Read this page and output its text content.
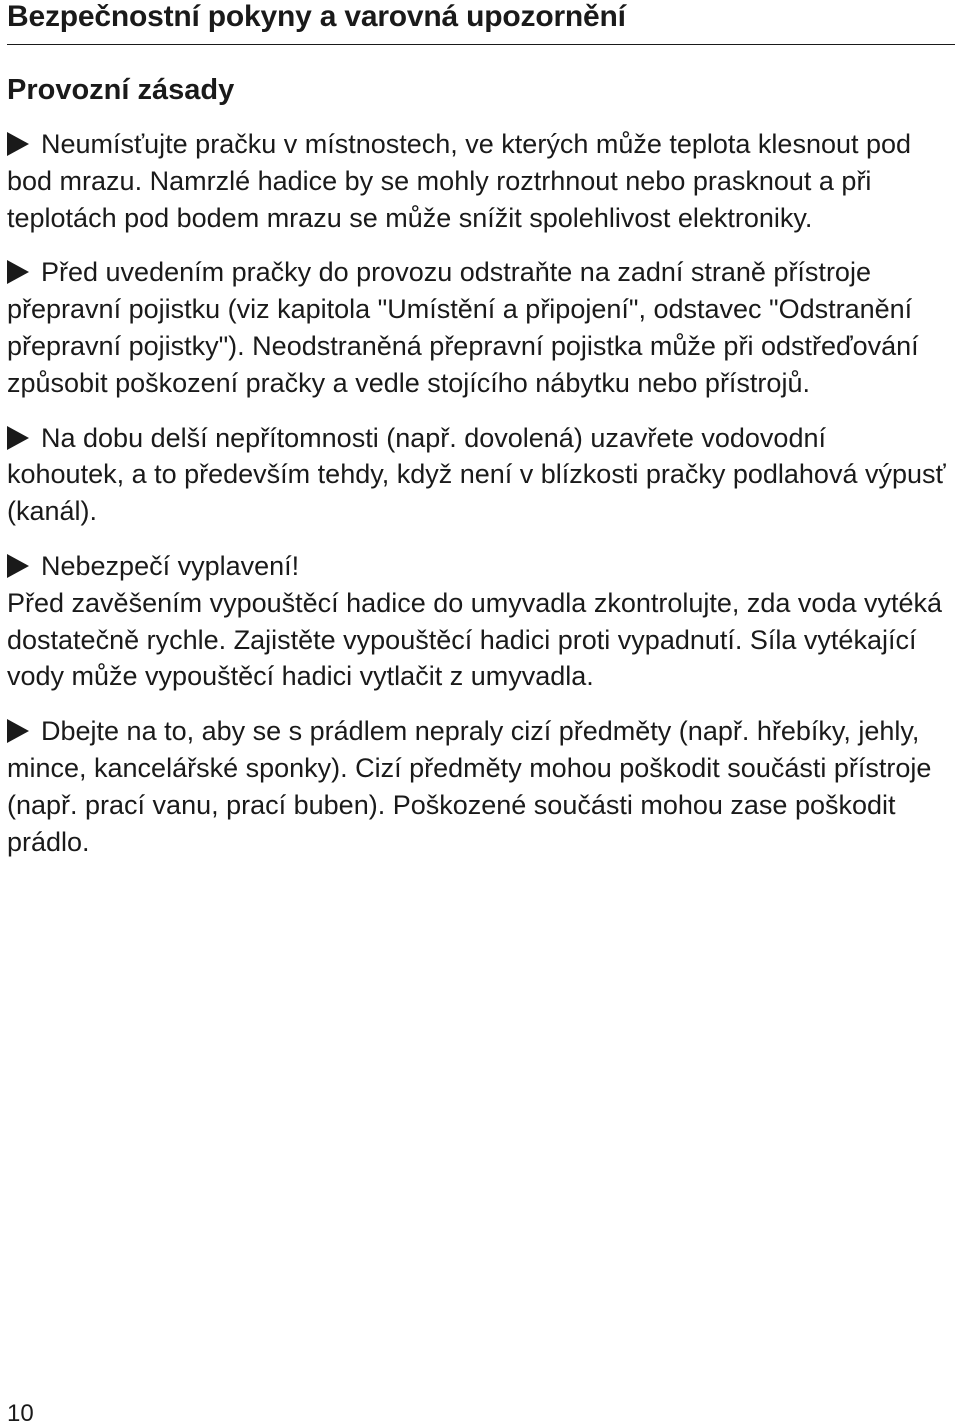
Bezpečnostní pokyny a varovná upozornění
Provozní zásady
Neumísťujte pračku v místnostech, ve kterých může teplota klesnout pod bod mrazu. Namrzlé hadice by se mohly roztrhnout nebo prasknout a při teplotách pod bodem mrazu se může snížit spolehlivost elektroniky.
Před uvedením pračky do provozu odstraňte na zadní straně přístroje přepravní pojistku (viz kapitola "Umístění a připojení", odstavec "Odstranění přepravní pojistky"). Neodstraněná přepravní pojistka může při odstřeďování způsobit poškození pračky a vedle stojícího nábytku nebo přístrojů.
Na dobu delší nepřítomnosti (např. dovolená) uzavřete vodovodní kohoutek, a to především tehdy, když není v blízkosti pračky podlahová výpusť (kanál).

Nebezpečí vyplavení!

Před zavěšením vypouštěcí hadice do umyvadla zkontrolujte, zda voda vytéká dostatečně rychle. Zajistěte vypouštěcí hadici proti vypadnutí. Síla vytékající vody může vypouštěcí hadici vytlačit z umyvadla.

Dbejte na to, aby se s prádlem nepraly cizí předměty (např. hřebíky, jehly, mince, kancelářské sponky). Cizí předměty mohou poškodit součásti přístroje (např. prací vanu, prací buben). Poškozené součásti mohou zase poškodit prádlo.
10
